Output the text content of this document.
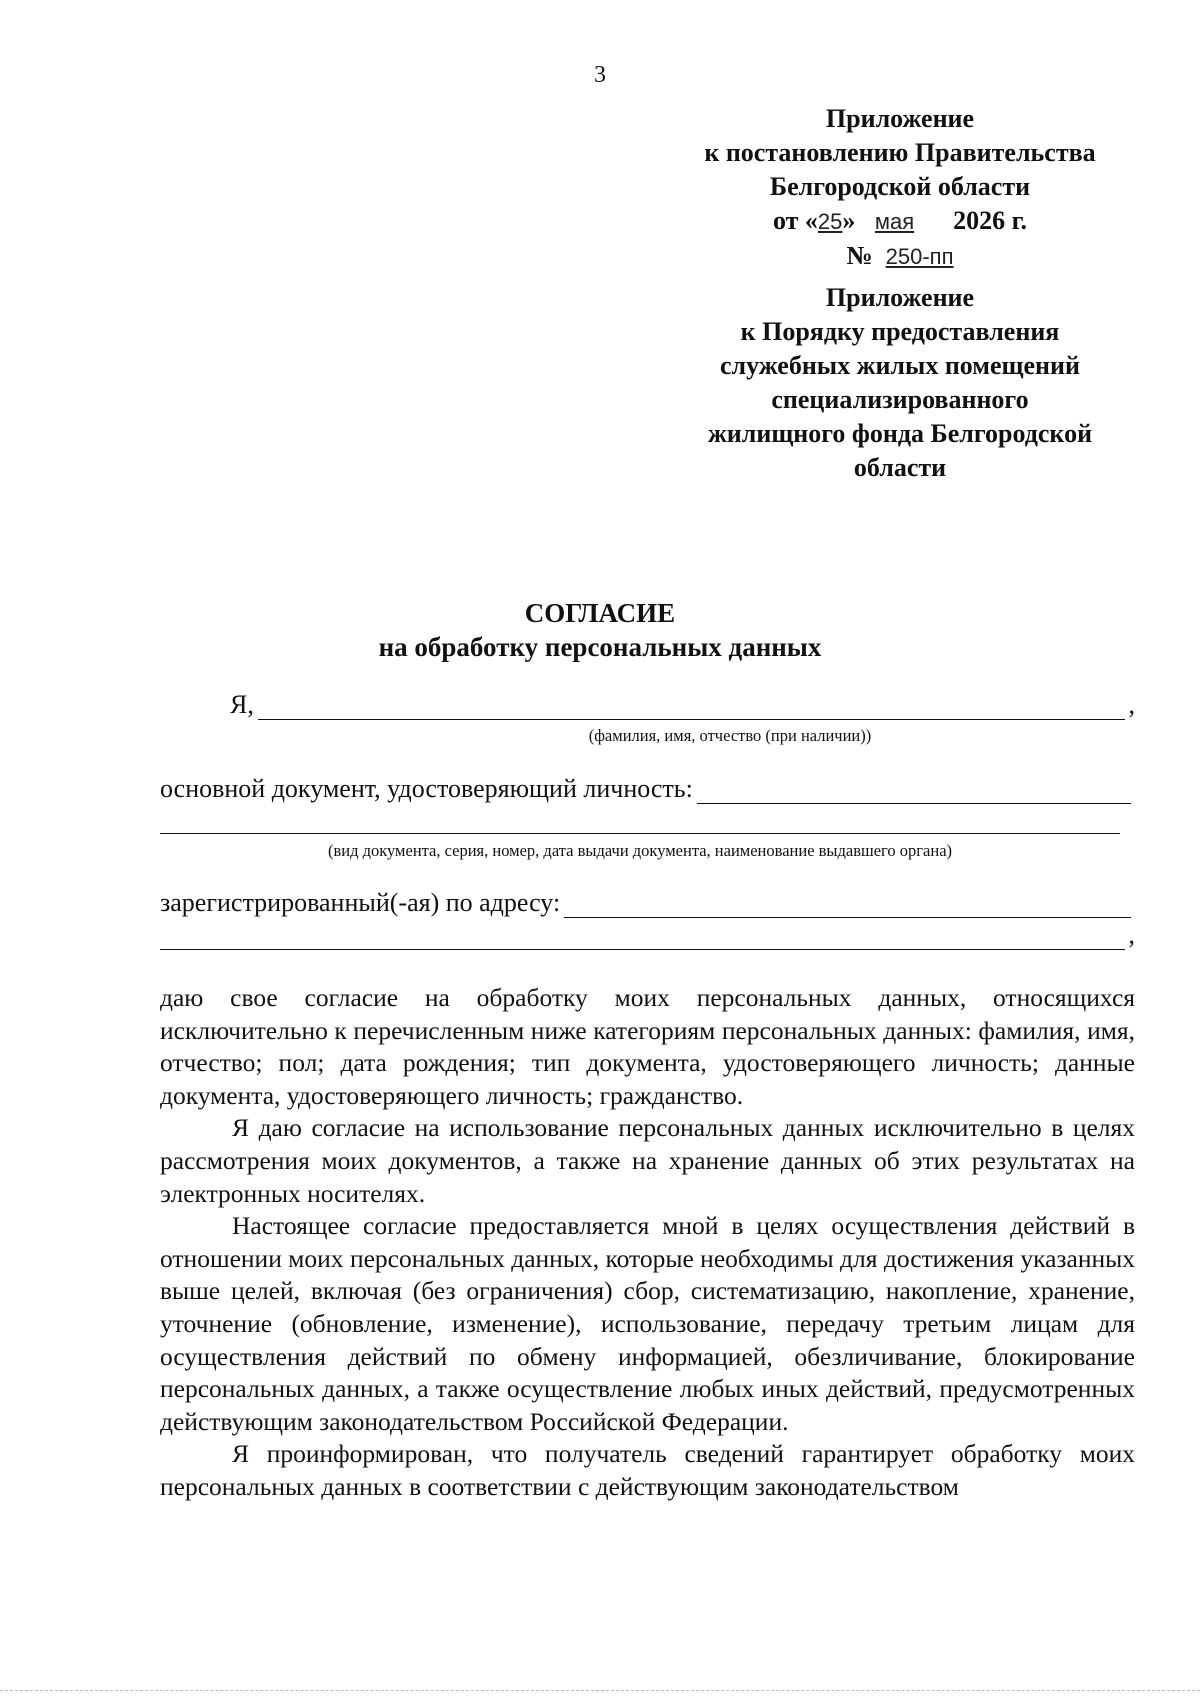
3
Приложение
к постановлению Правительства
Белгородской области
от «25» мая 2026 г.
№ 250-пп
Приложение
к Порядку предоставления
служебных жилых помещений
специализированного
жилищного фонда Белгородской
области
СОГЛАСИЕ
на обработку персональных данных
Я,	,
(фамилия, имя, отчество (при наличии))
основной документ, удостоверяющий личность:
(вид документа, серия, номер, дата выдачи документа, наименование выдавшего органа)
зарегистрированный(-ая) по адресу:
,

даю свое согласие на обработку моих персональных данных, относящихся исключительно к перечисленным ниже категориям персональных данных: фамилия, имя, отчество; пол; дата рождения; тип документа, удостоверяющего личность; данные документа, удостоверяющего личность; гражданство.

Я даю согласие на использование персональных данных исключительно в целях рассмотрения моих документов, а также на хранение данных об этих результатах на электронных носителях.

Настоящее согласие предоставляется мной в целях осуществления действий в отношении моих персональных данных, которые необходимы для достижения указанных выше целей, включая (без ограничения) сбор, систематизацию, накопление, хранение, уточнение (обновление, изменение), использование, передачу третьим лицам для осуществления действий по обмену информацией, обезличивание, блокирование персональных данных, а также осуществление любых иных действий, предусмотренных действующим законодательством Российской Федерации.

Я проинформирован, что получатель сведений гарантирует обработку моих персональных данных в соответствии с действующим законодательством
